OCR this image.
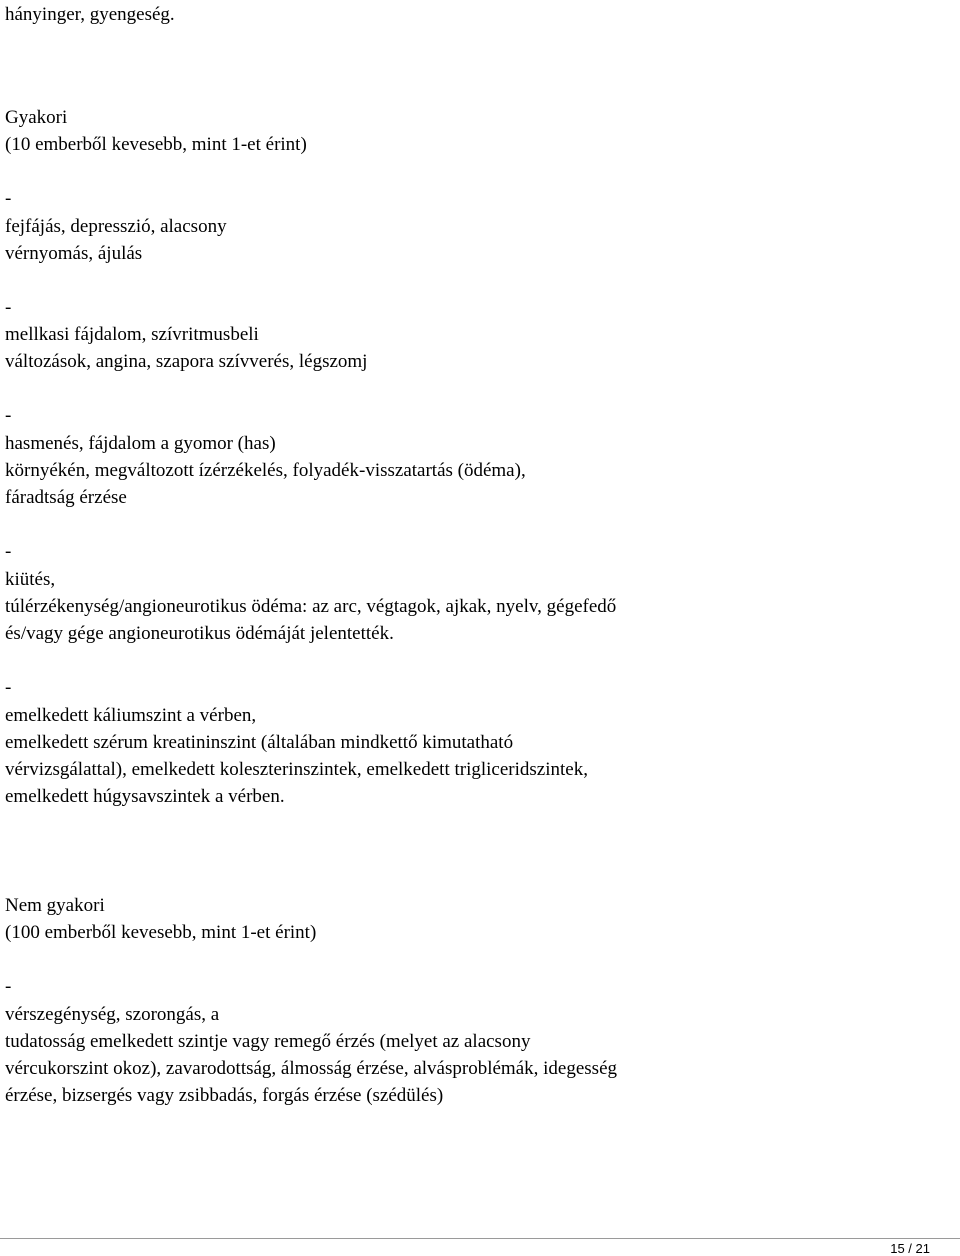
hányinger, gyengeség.
Gyakori
(10 emberből kevesebb, mint 1-et érint)
-
fejfájás, depresszió, alacsony
vérnyomás, ájulás
-
mellkasi fájdalom, szívritmusbeli
változások, angina, szapora szívverés, légszomj
-
hasmenés, fájdalom a gyomor (has)
környékén, megváltozott ízérzékelés, folyadék-visszatartás (ödéma),
fáradtság érzése
-
kiütés,
túlérzékenység/angioneurotikus ödéma: az arc, végtagok, ajkak, nyelv, gégefedő
és/vagy gége angioneurotikus ödémáját jelentették.
-
emelkedett káliumszint a vérben,
emelkedett szérum kreatininszint (általában mindkettő kimutatható
vérvizsgálattal), emelkedett koleszterinszintek, emelkedett trigliceridszintek,
emelkedett húgysavszintek a vérben.
Nem gyakori
(100 emberből kevesebb, mint 1-et érint)
-
vérszegénység, szorongás, a
tudatosság emelkedett szintje vagy remegő érzés (melyet az alacsony
vércukorszint okoz), zavarodottság, álmosság érzése, alvásproblémák, idegesség
érzése, bizsergés vagy zsibbadás, forgás érzése (szédülés)
15 / 21
